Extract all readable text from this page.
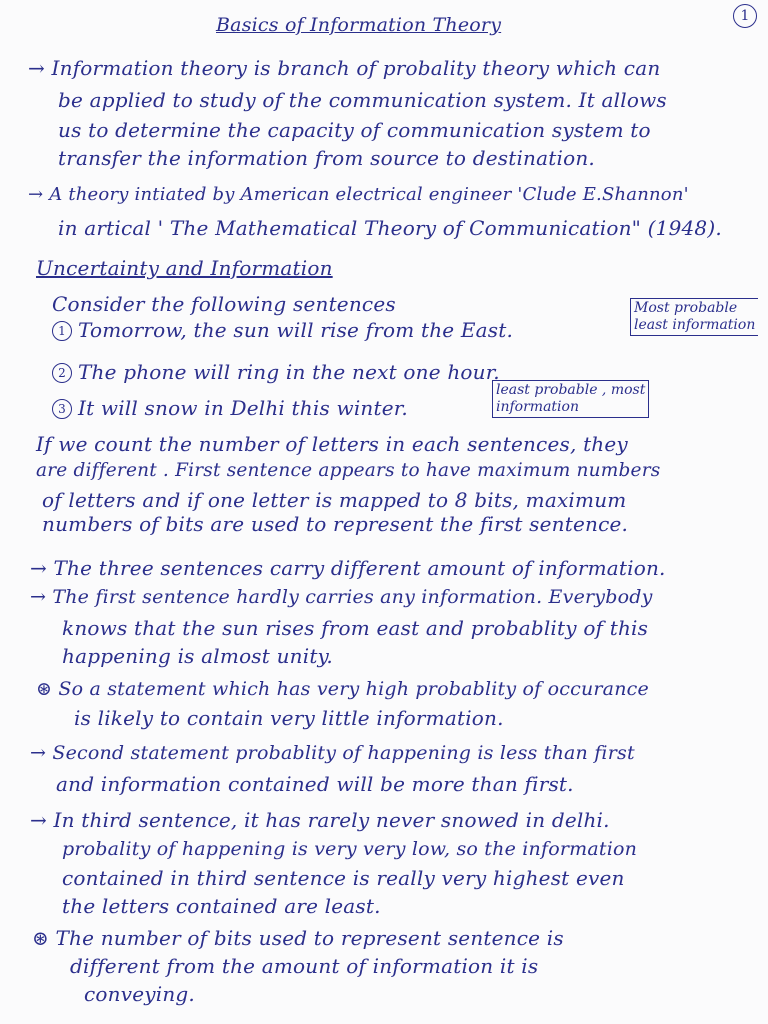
1
Basics of Information Theory
→ Information theory is branch of probality theory which can
be applied to study of the communication system. It allows
us to determine the capacity of communication system to
transfer the information from source to destination.
→ A theory intiated by American electrical engineer 'Clude E.Shannon'
in artical ' The Mathematical Theory of Communication" (1948).
Uncertainty and Information
Consider the following sentences
1 Tomorrow, the sun will rise from the East.
Most probable
least information
2 The phone will ring in the next one hour.
3 It will snow in Delhi this winter.
least probable , most
information
If we count the number of letters in each sentences, they
are different . First sentence appears to have maximum numbers
of letters and if one letter is mapped to 8 bits, maximum
numbers of bits are used to represent the first sentence.
→ The three sentences carry different amount of information.
→ The first sentence hardly carries any information. Everybody
knows that the sun rises from east and probablity of this
happening is almost unity.
⊛ So a statement which has very high probablity of occurance
is likely to contain very little information.
→ Second statement probablity of happening is less than first
and information contained will be more than first.
→ In third sentence, it has rarely never snowed in delhi.
probality of happening is very very low, so the information
contained in third sentence is really very highest even
the letters contained are least.
⊛ The number of bits used to represent sentence is
different from the amount of information it is
conveying.
